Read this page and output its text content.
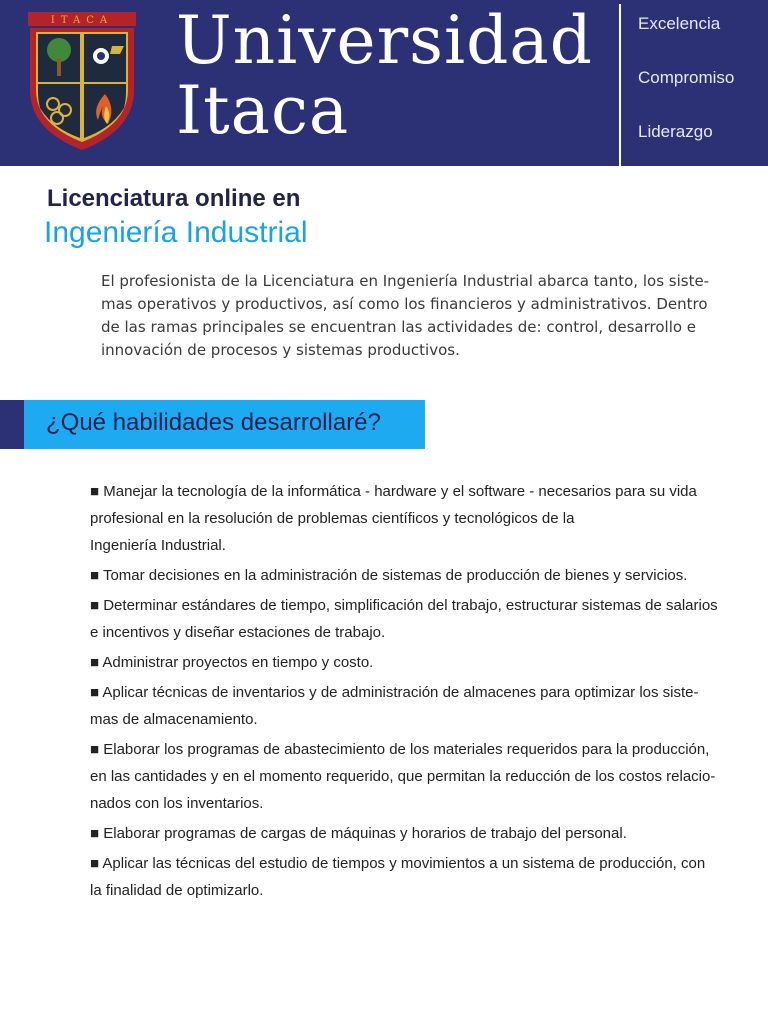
ITACA Universidad
Itaca
Excelencia
Compromiso
Liderazgo
Licenciatura online en
Ingeniería Industrial
El profesionista de la Licenciatura en Ingeniería Industrial abarca tanto, los siste-
mas operativos y productivos, así como los financieros y administrativos. Dentro
de las ramas principales se encuentran las actividades de: control, desarrollo e
innovación de procesos y sistemas productivos.
¿Qué habilidades desarrollaré?
■ Manejar la tecnología de la informática - hardware y el software - necesarios para su vida
profesional en la resolución de problemas científicos y tecnológicos de la
Ingeniería Industrial.
■ Tomar decisiones en la administración de sistemas de producción de bienes y servicios.
■ Determinar estándares de tiempo, simplificación del trabajo, estructurar sistemas de salarios
e incentivos y diseñar estaciones de trabajo.
■ Administrar proyectos en tiempo y costo.
■ Aplicar técnicas de inventarios y de administración de almacenes para optimizar los siste-
mas de almacenamiento.
■ Elaborar los programas de abastecimiento de los materiales requeridos para la producción,
en las cantidades y en el momento requerido, que permitan la reducción de los costos relacio-
nados con los inventarios.
■ Elaborar programas de cargas de máquinas y horarios de trabajo del personal.
■ Aplicar las técnicas del estudio de tiempos y movimientos a un sistema de producción, con
la finalidad de optimizarlo.
